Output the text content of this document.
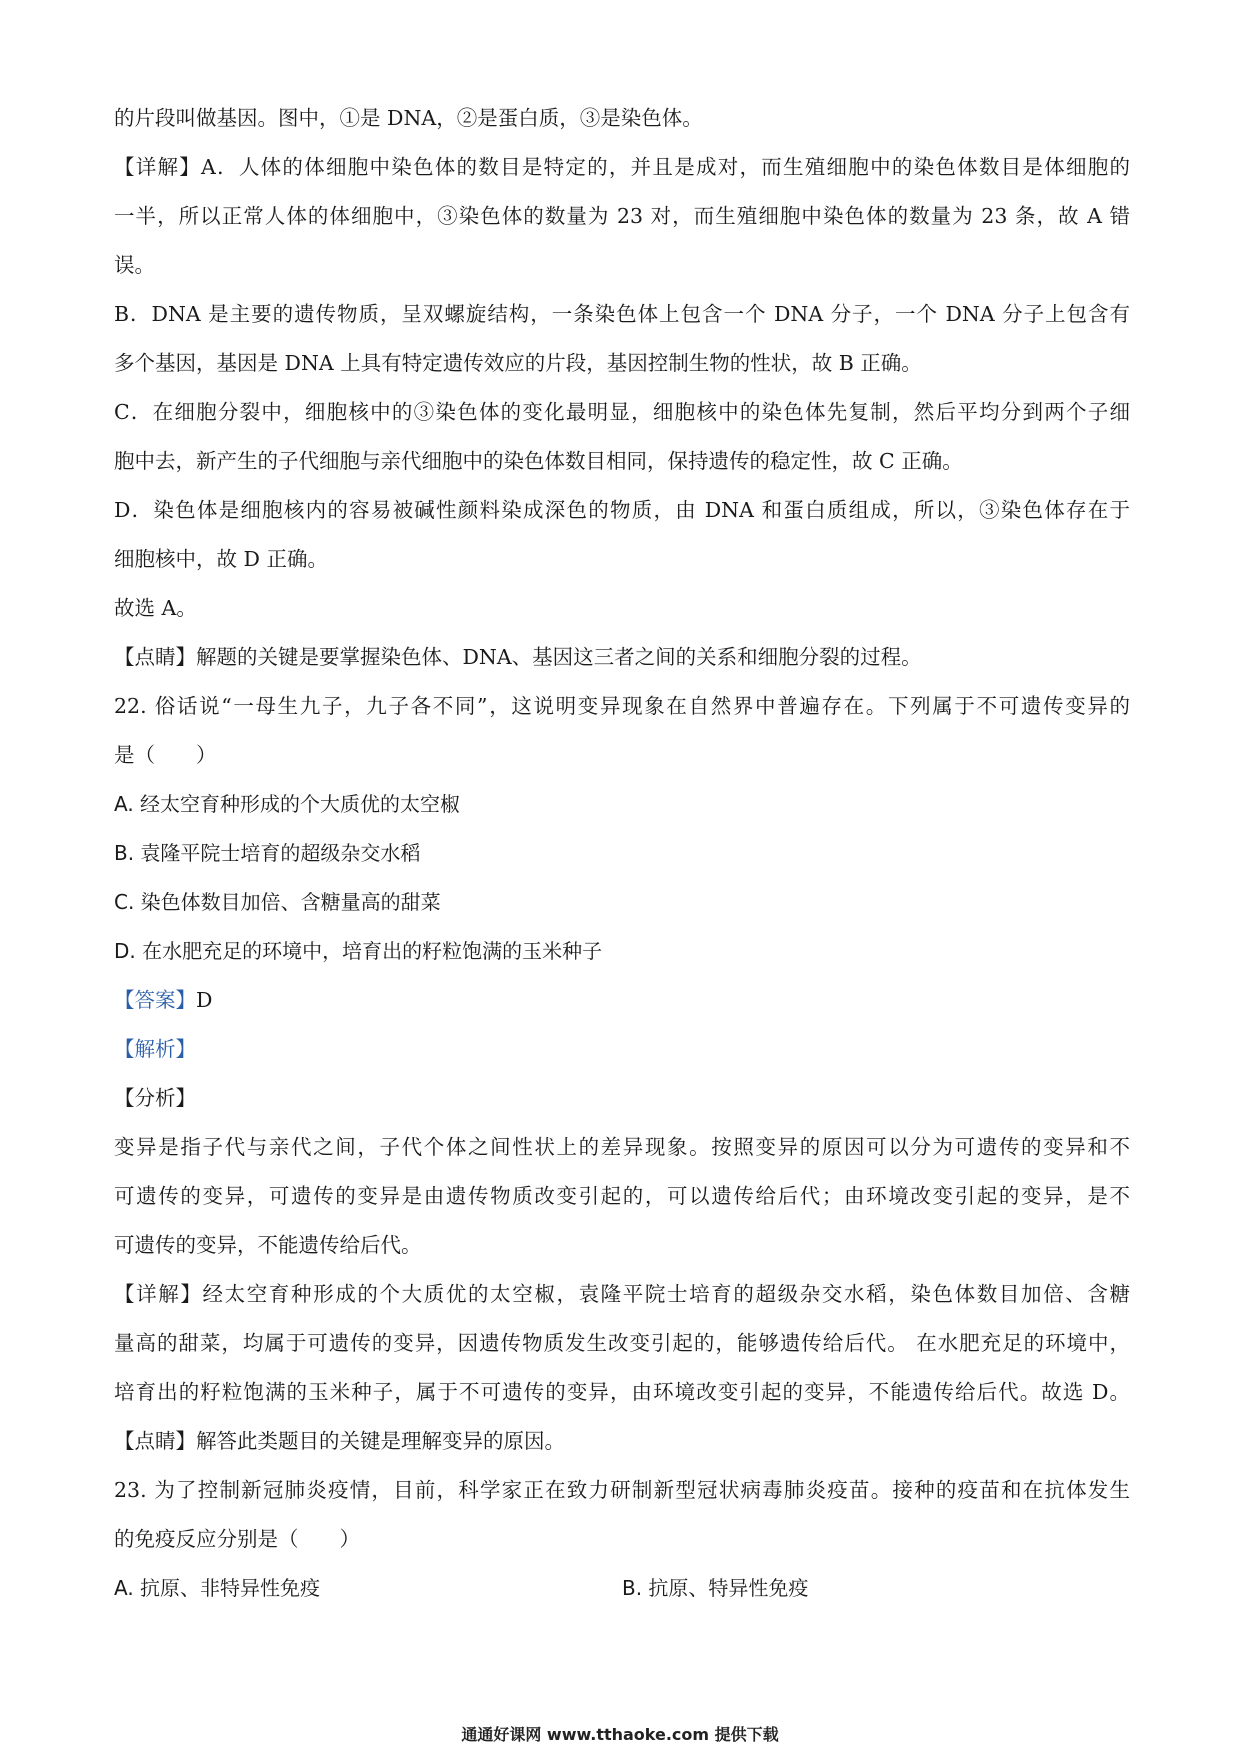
的片段叫做基因。图中，①是 DNA，②是蛋白质，③是染色体。
【详解】A．人体的体细胞中染色体的数目是特定的，并且是成对，而生殖细胞中的染色体数目是体细胞的
一半，所以正常人体的体细胞中，③染色体的数量为 23 对，而生殖细胞中染色体的数量为 23 条，故 A 错
误。
B．DNA 是主要的遗传物质，呈双螺旋结构，一条染色体上包含一个 DNA 分子，一个 DNA 分子上包含有
多个基因，基因是 DNA 上具有特定遗传效应的片段，基因控制生物的性状，故 B 正确。
C．在细胞分裂中，细胞核中的③染色体的变化最明显，细胞核中的染色体先复制，然后平均分到两个子细
胞中去，新产生的子代细胞与亲代细胞中的染色体数目相同，保持遗传的稳定性，故 C 正确。
D．染色体是细胞核内的容易被碱性颜料染成深色的物质，由 DNA 和蛋白质组成，所以，③染色体存在于
细胞核中，故 D 正确。
故选 A。
【点睛】解题的关键是要掌握染色体、DNA、基因这三者之间的关系和细胞分裂的过程。
22. 俗话说“一母生九子，九子各不同”，这说明变异现象在自然界中普遍存在。下列属于不可遗传变异的
是（　　）
A. 经太空育种形成的个大质优的太空椒
B. 袁隆平院士培育的超级杂交水稻
C. 染色体数目加倍、含糖量高的甜菜
D. 在水肥充足的环境中，培育出的籽粒饱满的玉米种子
【答案】D
【解析】
【分析】
变异是指子代与亲代之间，子代个体之间性状上的差异现象。按照变异的原因可以分为可遗传的变异和不
可遗传的变异，可遗传的变异是由遗传物质改变引起的，可以遗传给后代；由环境改变引起的变异，是不
可遗传的变异，不能遗传给后代。
【详解】经太空育种形成的个大质优的太空椒，袁隆平院士培育的超级杂交水稻，染色体数目加倍、含糖
量高的甜菜，均属于可遗传的变异，因遗传物质发生改变引起的，能够遗传给后代。 在水肥充足的环境中，
培育出的籽粒饱满的玉米种子，属于不可遗传的变异，由环境改变引起的变异，不能遗传给后代。故选 D。
【点睛】解答此类题目的关键是理解变异的原因。
23. 为了控制新冠肺炎疫情，目前，科学家正在致力研制新型冠状病毒肺炎疫苗。接种的疫苗和在抗体发生
的免疫反应分别是（　　）
A. 抗原、非特异性免疫	B. 抗原、特异性免疫
通通好课网 www.tthaoke.com 提供下载
